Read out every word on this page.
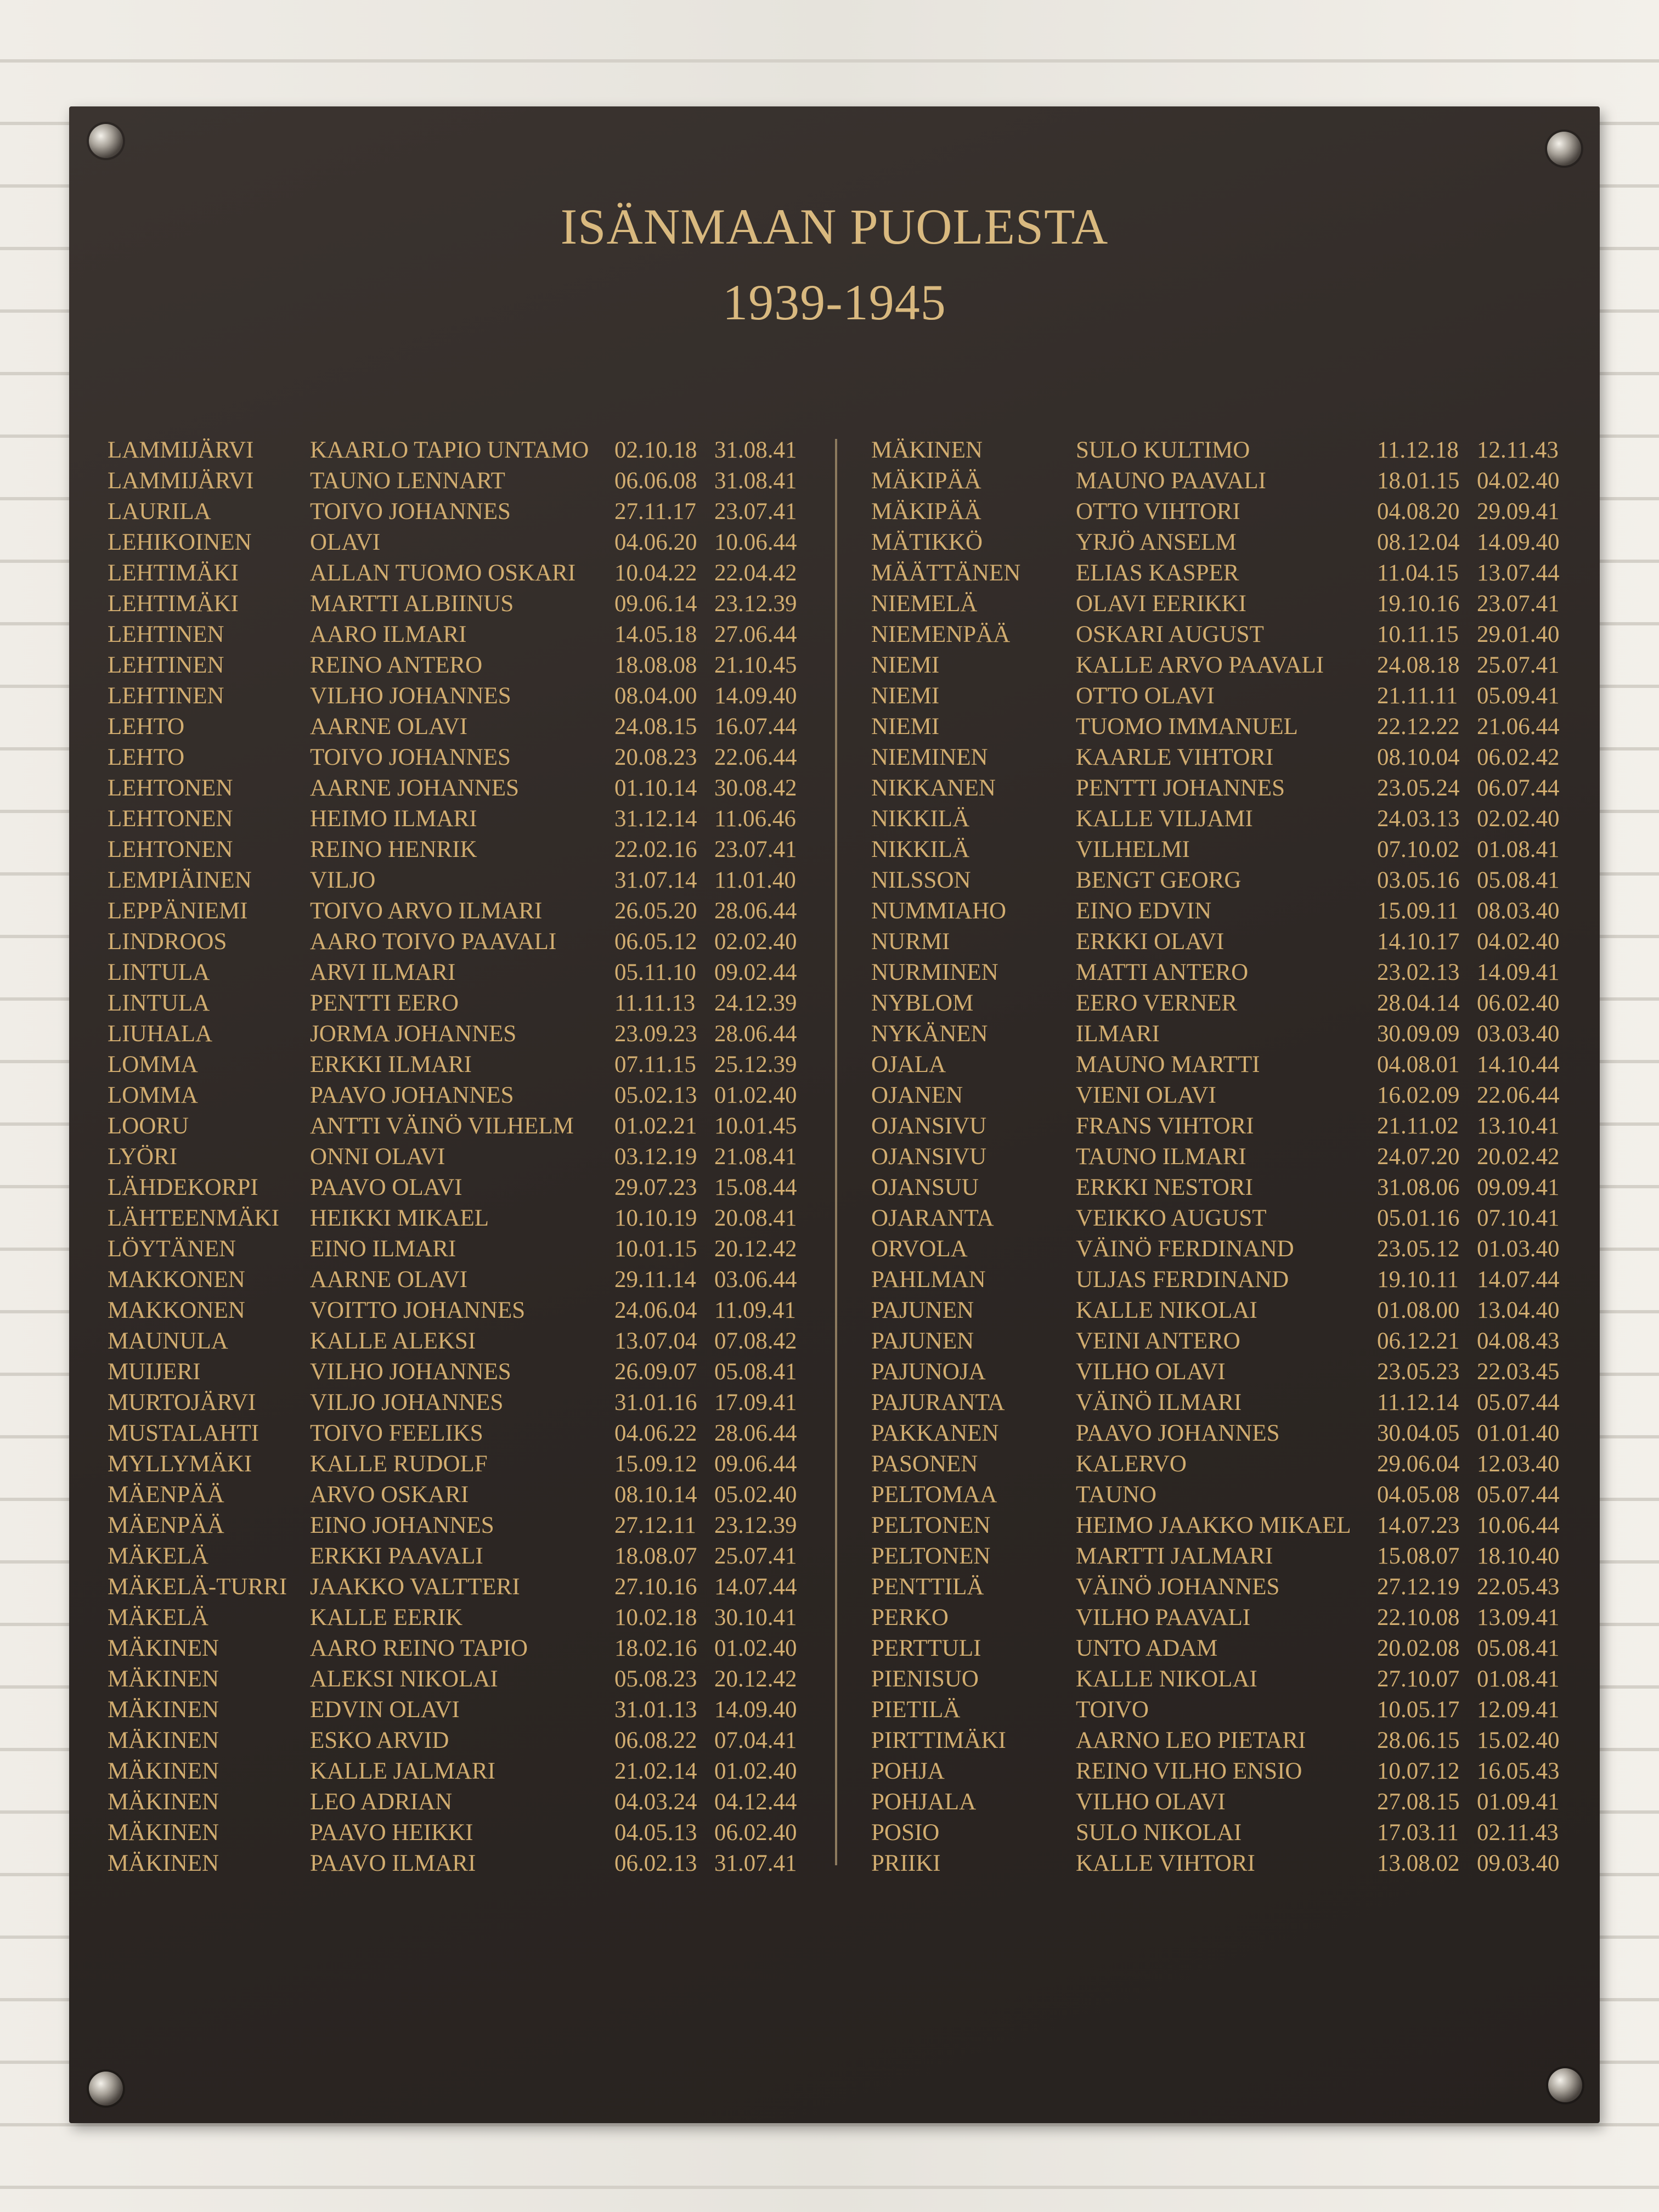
ISÄNMAAN PUOLESTA
1939-1945
LAMMIJÄRVI KAARLO TAPIO UNTAMO 02.10.18 31.08.41
LAMMIJÄRVI TAUNO LENNART	06.06.08 31.08.41
LAURILA	TOIVO JOHANNES	27.11.17 23.07.41
LEHIKOINEN OLAVI	04.06.20 10.06.44
LEHTIMÄKI	ALLAN TUOMO OSKARI 10.04.22 22.04.42
LEHTIMÄKI	MARTTI ALBIINUS	09.06.14 23.12.39
LEHTINEN	AARO ILMARI	14.05.18 27.06.44
LEHTINEN	REINO ANTERO	18.08.08 21.10.45
LEHTINEN	VILHO JOHANNES	08.04.00 14.09.40
LEHTO	AARNE OLAVI	24.08.15 16.07.44
LEHTO	TOIVO JOHANNES	20.08.23 22.06.44
LEHTONEN	AARNE JOHANNES	01.10.14 30.08.42
LEHTONEN	HEIMO ILMARI	31.12.14 11.06.46
LEHTONEN	REINO HENRIK	22.02.16 23.07.41
LEMPIÄINEN VILJO	31.07.14 11.01.40
LEPPÄNIEMI	TOIVO ARVO ILMARI	26.05.20 28.06.44
LINDROOS	AARO TOIVO PAAVALI 06.05.12 02.02.40
LINTULA	ARVI ILMARI	05.11.10 09.02.44
LINTULA	PENTTI EERO	11.11.13 24.12.39
LIUHALA	JORMA JOHANNES	23.09.23 28.06.44
LOMMA	ERKKI ILMARI	07.11.15 25.12.39
LOMMA	PAAVO JOHANNES	05.02.13 01.02.40
LOORU	ANTTI VÄINÖ VILHELM 01.02.21 10.01.45
LYÖRI	ONNI OLAVI	03.12.19 21.08.41
LÄHDEKORPI PAAVO OLAVI	29.07.23 15.08.44
LÄHTEENMÄKI HEIKKI MIKAEL	10.10.19 20.08.41
LÖYTÄNEN	EINO ILMARI	10.01.15 20.12.42
MAKKONEN	AARNE OLAVI	29.11.14 03.06.44
MAKKONEN	VOITTO JOHANNES	24.06.04 11.09.41
MAUNULA	KALLE ALEKSI	13.07.04 07.08.42
MUIJERI	VILHO JOHANNES	26.09.07 05.08.41
MURTOJÄRVI VILJO JOHANNES	31.01.16 17.09.41
MUSTALAHTI TOIVO FEELIKS	04.06.22 28.06.44
MYLLYMÄKI KALLE RUDOLF	15.09.12 09.06.44
MÄENPÄÄ	ARVO OSKARI	08.10.14 05.02.40
MÄENPÄÄ	EINO JOHANNES	27.12.11 23.12.39
MÄKELÄ	ERKKI PAAVALI	18.08.07 25.07.41
MÄKELÄ-TURRI JAAKKO VALTTERI	27.10.16 14.07.44
MÄKELÄ	KALLE EERIK	10.02.18 30.10.41
MÄKINEN	AARO REINO TAPIO	18.02.16 01.02.40
MÄKINEN	ALEKSI NIKOLAI	05.08.23 20.12.42
MÄKINEN	EDVIN OLAVI	31.01.13 14.09.40
MÄKINEN	ESKO ARVID	06.08.22 07.04.41
MÄKINEN	KALLE JALMARI	21.02.14 01.02.40
MÄKINEN	LEO ADRIAN	04.03.24 04.12.44
MÄKINEN	PAAVO HEIKKI	04.05.13 06.02.40
MÄKINEN	PAAVO ILMARI	06.02.13 31.07.41
MÄKINEN	SULO KULTIMO	11.12.18 12.11.43
MÄKIPÄÄ	MAUNO PAAVALI	18.01.15 04.02.40
MÄKIPÄÄ	OTTO VIHTORI	04.08.20 29.09.41
MÄTIKKÖ	YRJÖ ANSELM	08.12.04 14.09.40
MÄÄTTÄNEN ELIAS KASPER	11.04.15 13.07.44
NIEMELÄ	OLAVI EERIKKI	19.10.16 23.07.41
NIEMENPÄÄ	OSKARI AUGUST	10.11.15 29.01.40
NIEMI	KALLE ARVO PAAVALI 24.08.18 25.07.41
NIEMI	OTTO OLAVI	21.11.11 05.09.41
NIEMI	TUOMO IMMANUEL	22.12.22 21.06.44
NIEMINEN	KAARLE VIHTORI	08.10.04 06.02.42
NIKKANEN	PENTTI JOHANNES	23.05.24 06.07.44
NIKKILÄ	KALLE VILJAMI	24.03.13 02.02.40
NIKKILÄ	VILHELMI	07.10.02 01.08.41
NILSSON	BENGT GEORG	03.05.16 05.08.41
NUMMIAHO	EINO EDVIN	15.09.11 08.03.40
NURMI	ERKKI OLAVI	14.10.17 04.02.40
NURMINEN	MATTI ANTERO	23.02.13 14.09.41
NYBLOM	EERO VERNER	28.04.14 06.02.40
NYKÄNEN	ILMARI	30.09.09 03.03.40
OJALA	MAUNO MARTTI	04.08.01 14.10.44
OJANEN	VIENI OLAVI	16.02.09 22.06.44
OJANSIVU	FRANS VIHTORI	21.11.02 13.10.41
OJANSIVU	TAUNO ILMARI	24.07.20 20.02.42
OJANSUU	ERKKI NESTORI	31.08.06 09.09.41
OJARANTA	VEIKKO AUGUST	05.01.16 07.10.41
ORVOLA	VÄINÖ FERDINAND	23.05.12 01.03.40
PAHLMAN	ULJAS FERDINAND	19.10.11 14.07.44
PAJUNEN	KALLE NIKOLAI	01.08.00 13.04.40
PAJUNEN	VEINI ANTERO	06.12.21 04.08.43
PAJUNOJA	VILHO OLAVI	23.05.23 22.03.45
PAJURANTA	VÄINÖ ILMARI	11.12.14 05.07.44
PAKKANEN	PAAVO JOHANNES	30.04.05 01.01.40
PASONEN	KALERVO	29.06.04 12.03.40
PELTOMAA	TAUNO	04.05.08 05.07.44
PELTONEN	HEIMO JAAKKO MIKAEL 14.07.23 10.06.44
PELTONEN	MARTTI JALMARI	15.08.07 18.10.40
PENTTILÄ	VÄINÖ JOHANNES	27.12.19 22.05.43
PERKO	VILHO PAAVALI	22.10.08 13.09.41
PERTTULI	UNTO ADAM	20.02.08 05.08.41
PIENISUO	KALLE NIKOLAI	27.10.07 01.08.41
PIETILÄ	TOIVO	10.05.17 12.09.41
PIRTTIMÄKI	AARNO LEO PIETARI	28.06.15 15.02.40
POHJA	REINO VILHO ENSIO	10.07.12 16.05.43
POHJALA	VILHO OLAVI	27.08.15 01.09.41
POSIO	SULO NIKOLAI	17.03.11 02.11.43
PRIIKI	KALLE VIHTORI	13.08.02 09.03.40
